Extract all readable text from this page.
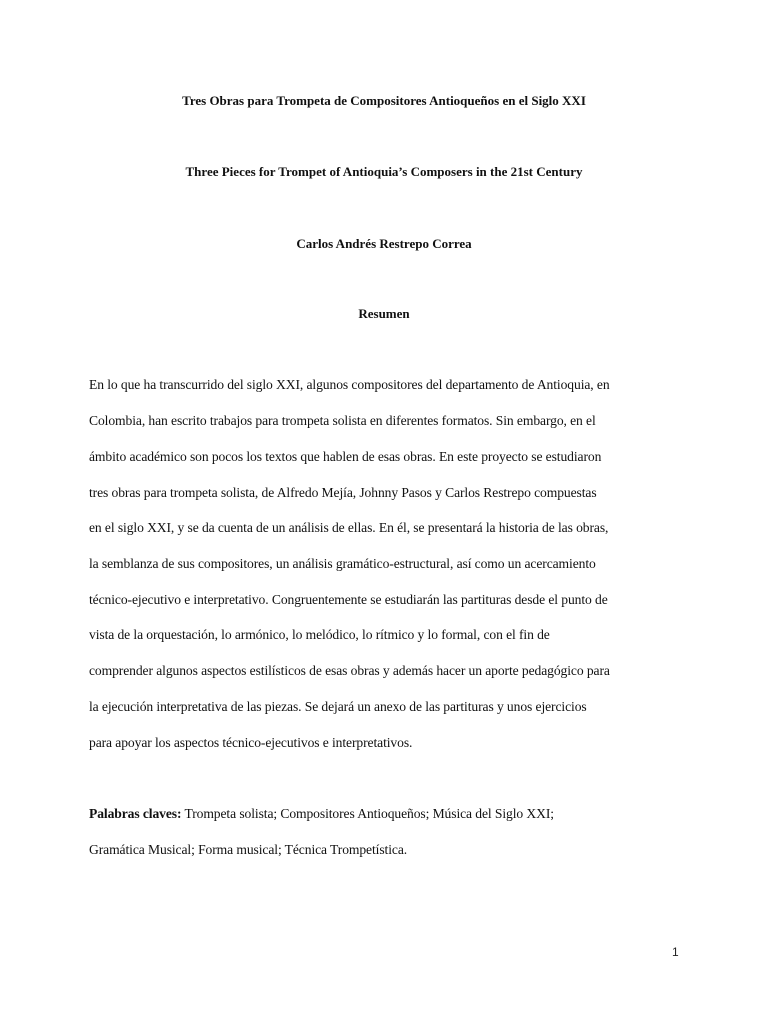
Tres Obras para Trompeta de Compositores Antioqueños en el Siglo XXI
Three Pieces for Trompet of Antioquia’s Composers in the 21st Century
Carlos Andrés Restrepo Correa
Resumen
En lo que ha transcurrido del siglo XXI, algunos compositores del departamento de Antioquia, en
Colombia, han escrito trabajos para trompeta solista en diferentes formatos. Sin embargo, en el
ámbito académico son pocos los textos que hablen de esas obras. En este proyecto se estudiaron
tres obras para trompeta solista, de Alfredo Mejía, Johnny Pasos y Carlos Restrepo compuestas
en el siglo XXI, y se da cuenta de un análisis de ellas. En él, se presentará la historia de las obras,
la semblanza de sus compositores, un análisis gramático-estructural, así como un acercamiento
técnico-ejecutivo e interpretativo. Congruentemente se estudiarán las partituras desde el punto de
vista de la orquestación, lo armónico, lo melódico, lo rítmico y lo formal, con el fin de
comprender algunos aspectos estilísticos de esas obras y además hacer un aporte pedagógico para
la ejecución interpretativa de las piezas. Se dejará un anexo de las partituras y unos ejercicios
para apoyar los aspectos técnico-ejecutivos e interpretativos.
Palabras claves: Trompeta solista; Compositores Antioqueños; Música del Siglo XXI;
Gramática Musical; Forma musical; Técnica Trompetística.
1
